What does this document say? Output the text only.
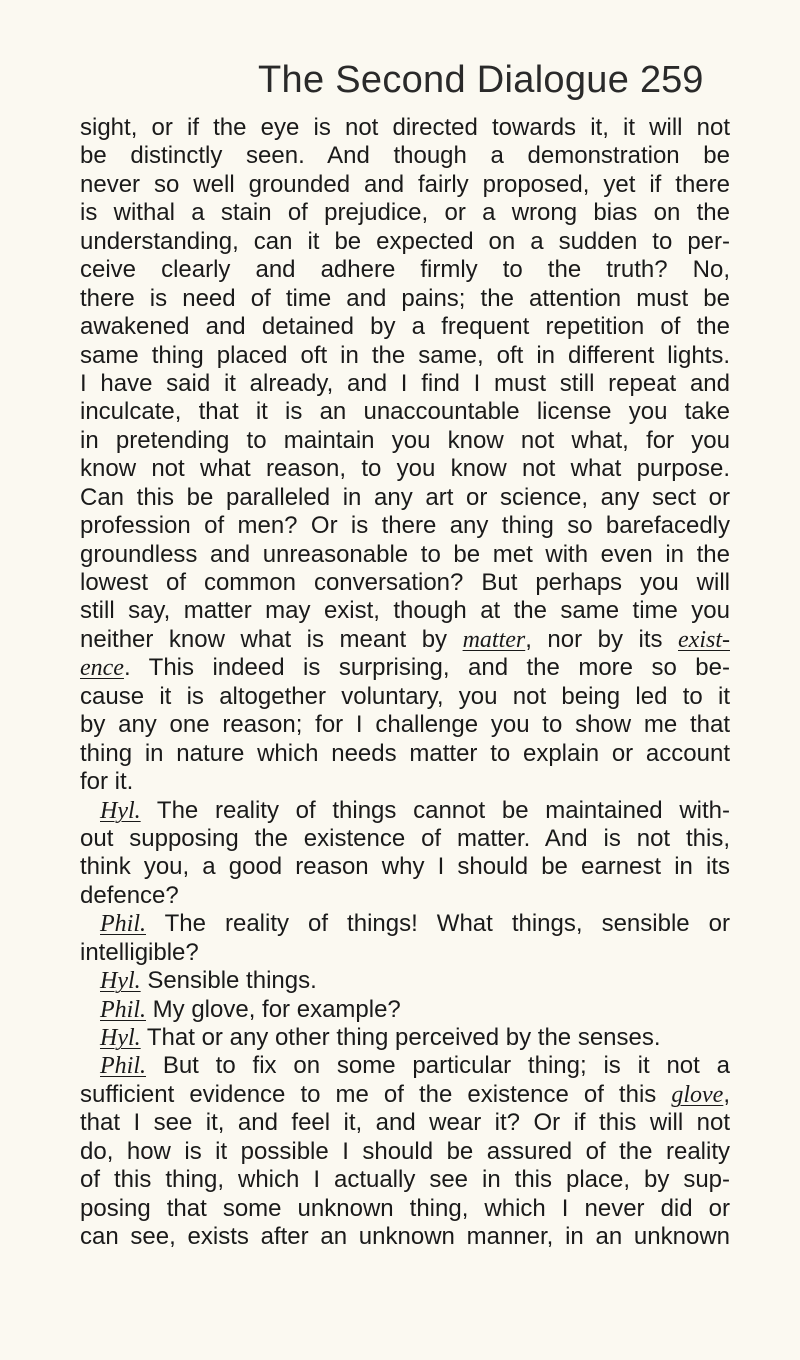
The Second Dialogue 259
sight, or if the eye is not directed towards it, it will not
be distinctly seen. And though a demonstration be
never so well grounded and fairly proposed, yet if there
is withal a stain of prejudice, or a wrong bias on the
understanding, can it be expected on a sudden to per-
ceive clearly and adhere firmly to the truth? No,
there is need of time and pains; the attention must be
awakened and detained by a frequent repetition of the
same thing placed oft in the same, oft in different lights.
I have said it already, and I find I must still repeat and
inculcate, that it is an unaccountable license you take
in pretending to maintain you know not what, for you
know not what reason, to you know not what purpose.
Can this be paralleled in any art or science, any sect or
profession of men? Or is there any thing so barefacedly
groundless and unreasonable to be met with even in the
lowest of common conversation? But perhaps you will
still say, matter may exist, though at the same time you
neither know what is meant by matter, nor by its exist-
ence. This indeed is surprising, and the more so be-
cause it is altogether voluntary, you not being led to it
by any one reason; for I challenge you to show me that
thing in nature which needs matter to explain or account
for it.
Hyl. The reality of things cannot be maintained with-
out supposing the existence of matter. And is not this,
think you, a good reason why I should be earnest in its
defence?
Phil. The reality of things! What things, sensible or
intelligible?
Hyl. Sensible things.
Phil. My glove, for example?
Hyl. That or any other thing perceived by the senses.
Phil. But to fix on some particular thing; is it not a
sufficient evidence to me of the existence of this glove,
that I see it, and feel it, and wear it? Or if this will not
do, how is it possible I should be assured of the reality
of this thing, which I actually see in this place, by sup-
posing that some unknown thing, which I never did or
can see, exists after an unknown manner, in an unknown
